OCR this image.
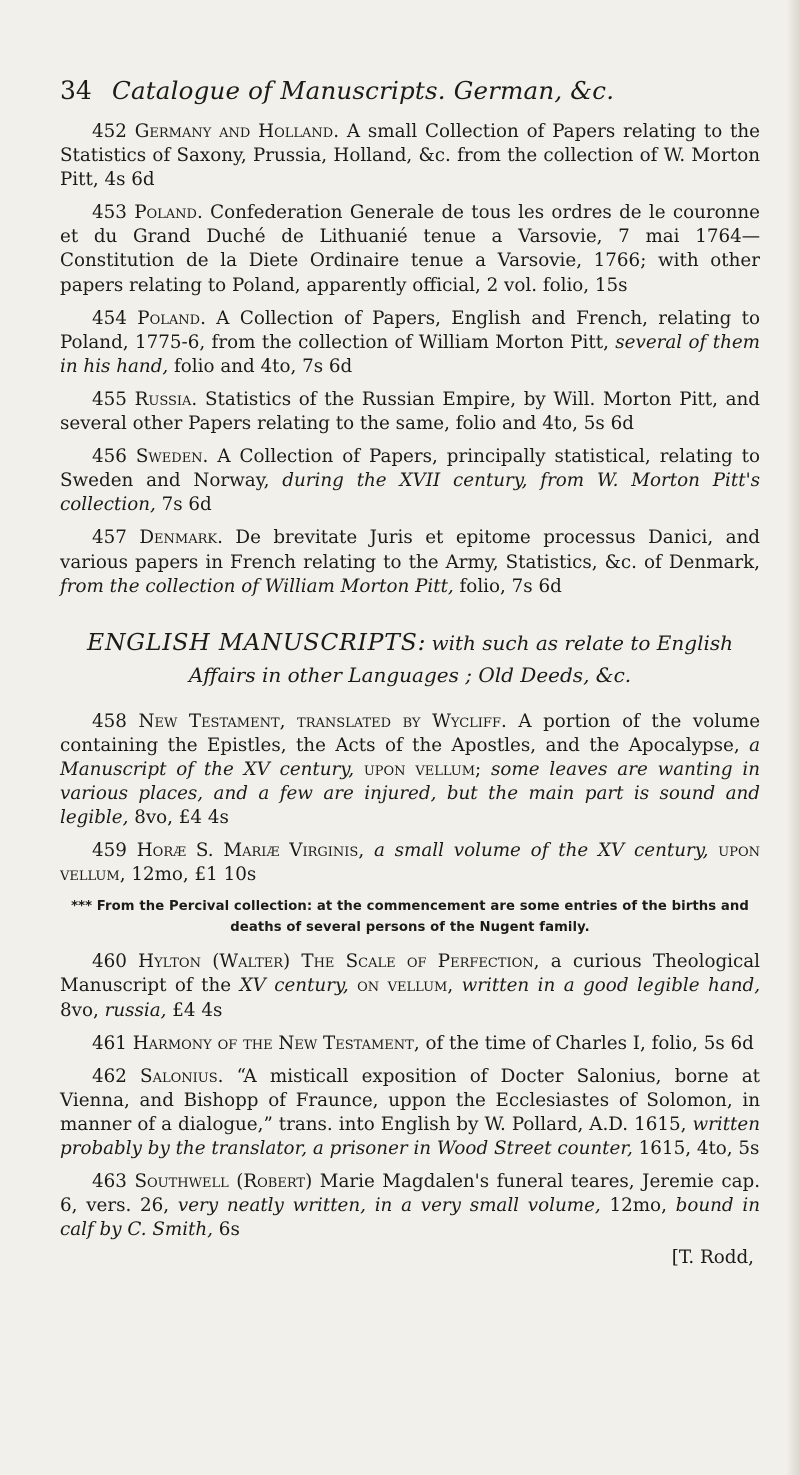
34 Catalogue of Manuscripts. German, &c.

452 Germany and Holland. A small Collection of Papers relating to the Statistics of Saxony, Prussia, Holland, &c. from the collection of W. Morton Pitt, 4s 6d

453 Poland. Confederation Generale de tous les ordres de le couronne et du Grand Duché de Lithuanié tenue a Varsovie, 7 mai 1764—Constitution de la Diete Ordinaire tenue a Varsovie, 1766; with other papers relating to Poland, apparently official, 2 vol. folio, 15s

454 Poland. A Collection of Papers, English and French, relating to Poland, 1775-6, from the collection of William Morton Pitt, several of them in his hand, folio and 4to, 7s 6d

455 Russia. Statistics of the Russian Empire, by Will. Morton Pitt, and several other Papers relating to the same, folio and 4to, 5s 6d

456 Sweden. A Collection of Papers, principally statistical, relating to Sweden and Norway, during the XVII century, from W. Morton Pitt's collection, 7s 6d

457 Denmark. De brevitate Juris et epitome processus Danici, and various papers in French relating to the Army, Statistics, &c. of Denmark, from the collection of William Morton Pitt, folio, 7s 6d

ENGLISH MANUSCRIPTS: with such as relate to English Affairs in other Languages ; Old Deeds, &c.

458 New Testament, translated by Wycliff. A portion of the volume containing the Epistles, the Acts of the Apostles, and the Apocalypse, a Manuscript of the XV century, upon vellum; some leaves are wanting in various places, and a few are injured, but the main part is sound and legible, 8vo, £4 4s

459 Horæ S. Mariæ Virginis, a small volume of the XV century, upon vellum, 12mo, £1 10s

*** From the Percival collection: at the commencement are some entries of the births and deaths of several persons of the Nugent family.

460 Hylton (Walter) The Scale of Perfection, a curious Theological Manuscript of the XV century, on vellum, written in a good legible hand, 8vo, russia, £4 4s

461 Harmony of the New Testament, of the time of Charles I, folio, 5s 6d

462 Salonius. “A misticall exposition of Docter Salonius, borne at Vienna, and Bishopp of Fraunce, uppon the Ecclesiastes of Solomon, in manner of a dialogue,” trans. into English by W. Pollard, A.D. 1615, written probably by the translator, a prisoner in Wood Street counter, 1615, 4to, 5s

463 Southwell (Robert) Marie Magdalen's funeral teares, Jeremie cap. 6, vers. 26, very neatly written, in a very small volume, 12mo, bound in calf by C. Smith, 6s

[T. Rodd,
